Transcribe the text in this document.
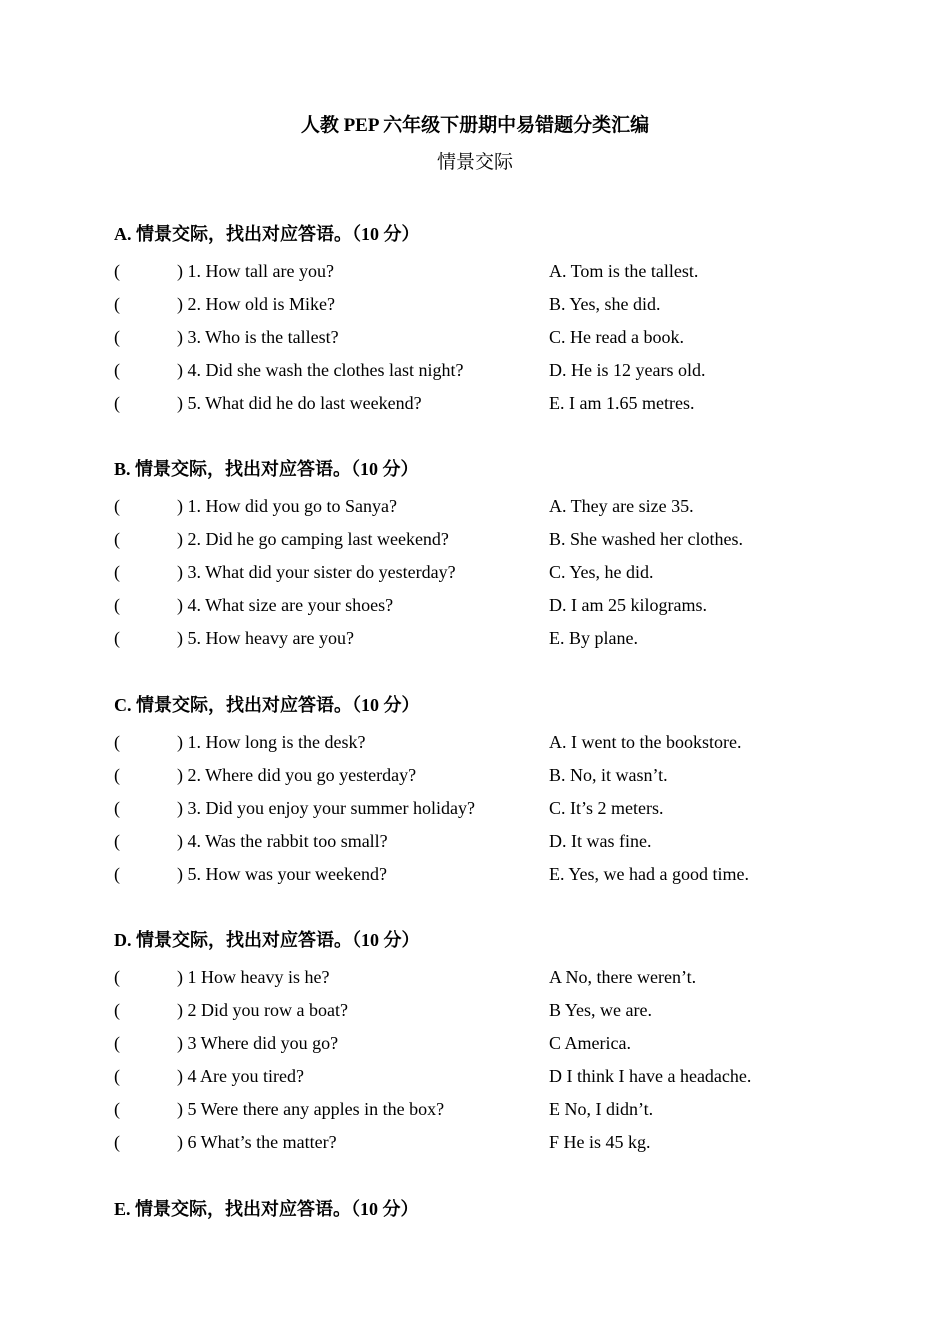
人教 PEP 六年级下册期中易错题分类汇编
情景交际
A. 情景交际，找出对应答语。（10 分）
(	) 1. How tall are you?	A. Tom is the tallest.
(	) 2. How old is Mike?	B. Yes, she did.
(	) 3. Who is the tallest?	C. He read a book.
(	) 4. Did she wash the clothes last night?	D. He is 12 years old.
(	) 5. What did he do last weekend?	E. I am 1.65 metres.
B. 情景交际，找出对应答语。（10 分）
(	) 1. How did you go to Sanya?	A. They are size 35.
(	) 2. Did he go camping last weekend?	B. She washed her clothes.
(	) 3. What did your sister do yesterday?	C. Yes, he did.
(	) 4. What size are your shoes?	D. I am 25 kilograms.
(	) 5. How heavy are you?	E. By plane.
C. 情景交际，找出对应答语。（10 分）
(	) 1. How long is the desk?	A. I went to the bookstore.
(	) 2. Where did you go yesterday?	B. No, it wasn’t.
(	) 3. Did you enjoy your summer holiday?	C. It’s 2 meters.
(	) 4. Was the rabbit too small?	D. It was fine.
(	) 5. How was your weekend?	E. Yes, we had a good time.
D. 情景交际，找出对应答语。（10 分）
(	) 1 How heavy is he?	A No, there weren’t.
(	) 2 Did you row a boat?	B Yes, we are.
(	) 3 Where did you go?	C America.
(	) 4 Are you tired?	D I think I have a headache.
(	) 5 Were there any apples in the box?	E No, I didn’t.
(	) 6 What’s the matter?	F He is 45 kg.
E. 情景交际，找出对应答语。（10 分）
